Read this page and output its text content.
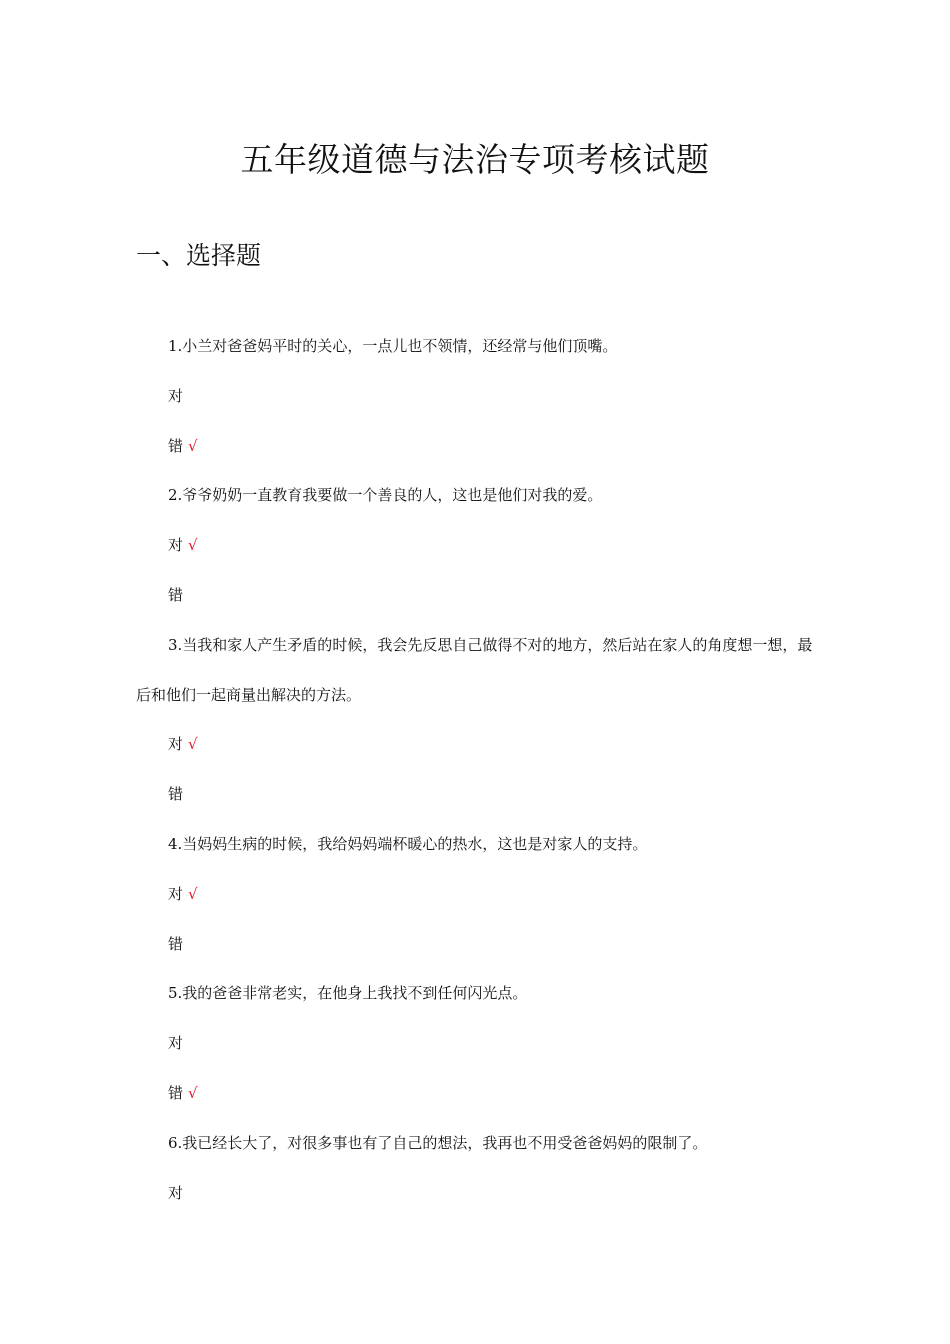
五年级道德与法治专项考核试题
一、选择题

1.小兰对爸爸妈平时的关心，一点儿也不领情，还经常与他们顶嘴。

对
错 √

2.爷爷奶奶一直教育我要做一个善良的人，这也是他们对我的爱。

对 √
错

3.当我和家人产生矛盾的时候，我会先反思自己做得不对的地方，然后站在家人的角度想一想，最后和他们一起商量出解决的方法。

对 √
错

4.当妈妈生病的时候，我给妈妈端杯暖心的热水，这也是对家人的支持。

对 √
错

5.我的爸爸非常老实，在他身上我找不到任何闪光点。

对
错 √

6.我已经长大了，对很多事也有了自己的想法，我再也不用受爸爸妈妈的限制了。

对
